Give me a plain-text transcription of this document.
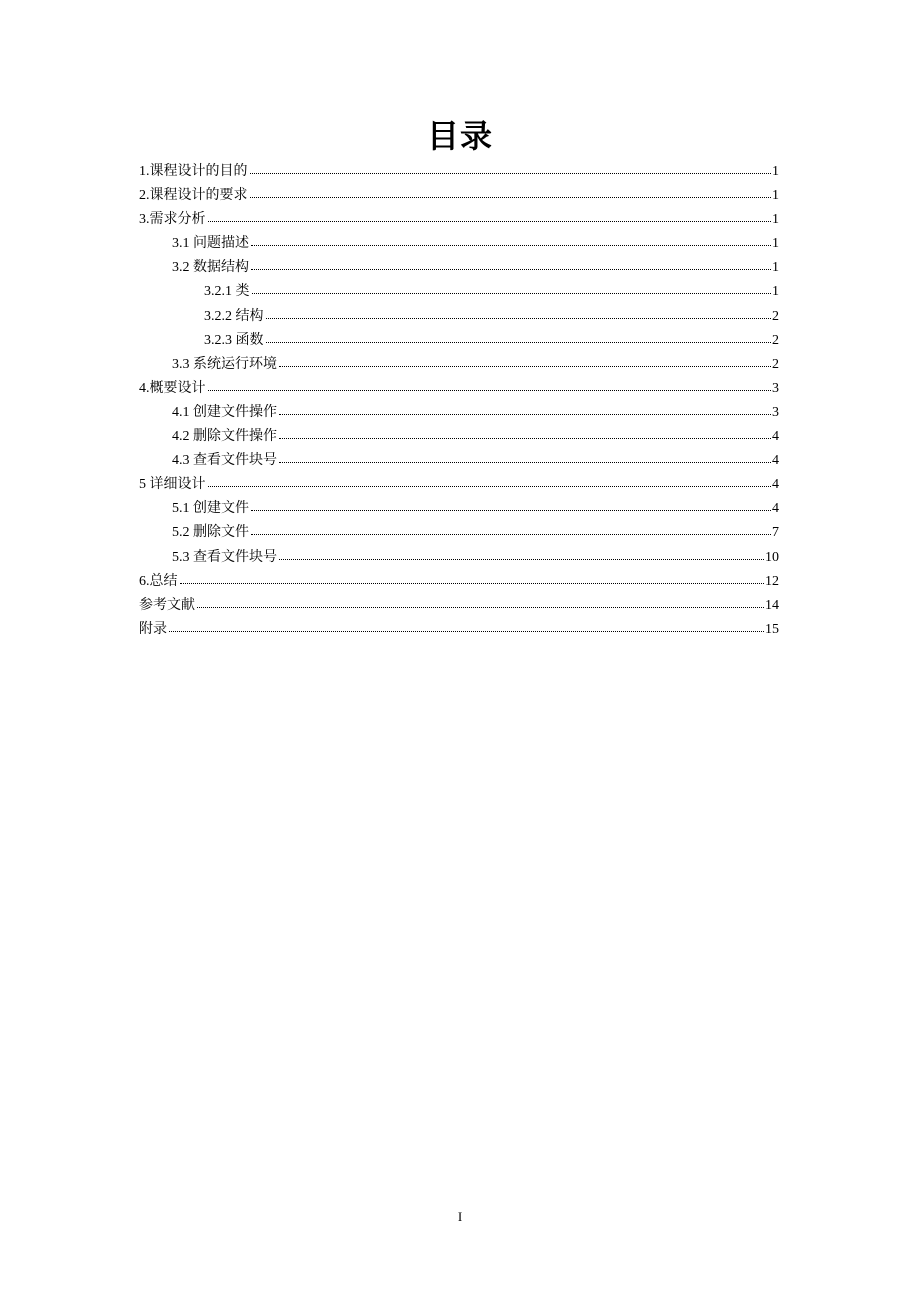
目录
1.课程设计的目的	1
2.课程设计的要求	1
3.需求分析	1
3.1 问题描述	1
3.2 数据结构	1
3.2.1 类	1
3.2.2 结构	2
3.2.3 函数	2
3.3 系统运行环境	2
4.概要设计	3
4.1 创建文件操作	3
4.2 删除文件操作	4
4.3 查看文件块号	4
5 详细设计	4
5.1 创建文件	4
5.2 删除文件	7
5.3 查看文件块号	10
6.总结	12
参考文献	14
附录	15
I
